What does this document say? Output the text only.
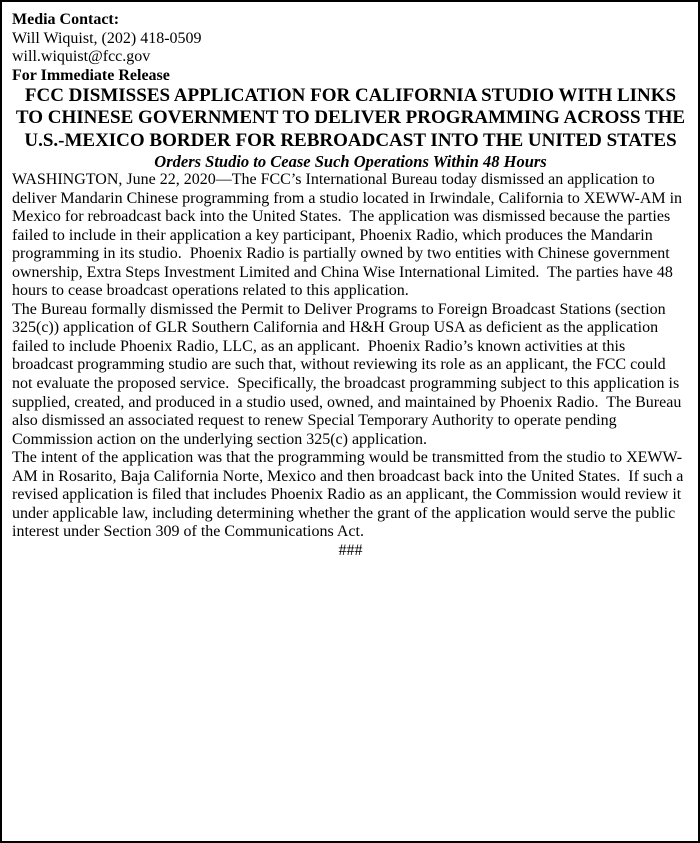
Media Contact:

Will Wiquist, (202) 418-0509

will.wiquist@fcc.gov

For Immediate Release

FCC DISMISSES APPLICATION FOR CALIFORNIA STUDIO WITH LINKS TO CHINESE GOVERNMENT TO DELIVER PROGRAMMING ACROSS THE U.S.-MEXICO BORDER FOR REBROADCAST INTO THE UNITED STATES

Orders Studio to Cease Such Operations Within 48 Hours

WASHINGTON, June 22, 2020—The FCC’s International Bureau today dismissed an application to deliver Mandarin Chinese programming from a studio located in Irwindale, California to XEWW-AM in Mexico for rebroadcast back into the United States.  The application was dismissed because the parties failed to include in their application a key participant, Phoenix Radio, which produces the Mandarin programming in its studio.  Phoenix Radio is partially owned by two entities with Chinese government ownership, Extra Steps Investment Limited and China Wise International Limited.  The parties have 48 hours to cease broadcast operations related to this application.

The Bureau formally dismissed the Permit to Deliver Programs to Foreign Broadcast Stations (section 325(c)) application of GLR Southern California and H&H Group USA as deficient as the application failed to include Phoenix Radio, LLC, as an applicant.  Phoenix Radio’s known activities at this broadcast programming studio are such that, without reviewing its role as an applicant, the FCC could not evaluate the proposed service.  Specifically, the broadcast programming subject to this application is supplied, created, and produced in a studio used, owned, and maintained by Phoenix Radio.  The Bureau also dismissed an associated request to renew Special Temporary Authority to operate pending Commission action on the underlying section 325(c) application.

The intent of the application was that the programming would be transmitted from the studio to XEWW-AM in Rosarito, Baja California Norte, Mexico and then broadcast back into the United States.  If such a revised application is filed that includes Phoenix Radio as an applicant, the Commission would review it under applicable law, including determining whether the grant of the application would serve the public interest under Section 309 of the Communications Act.

###
